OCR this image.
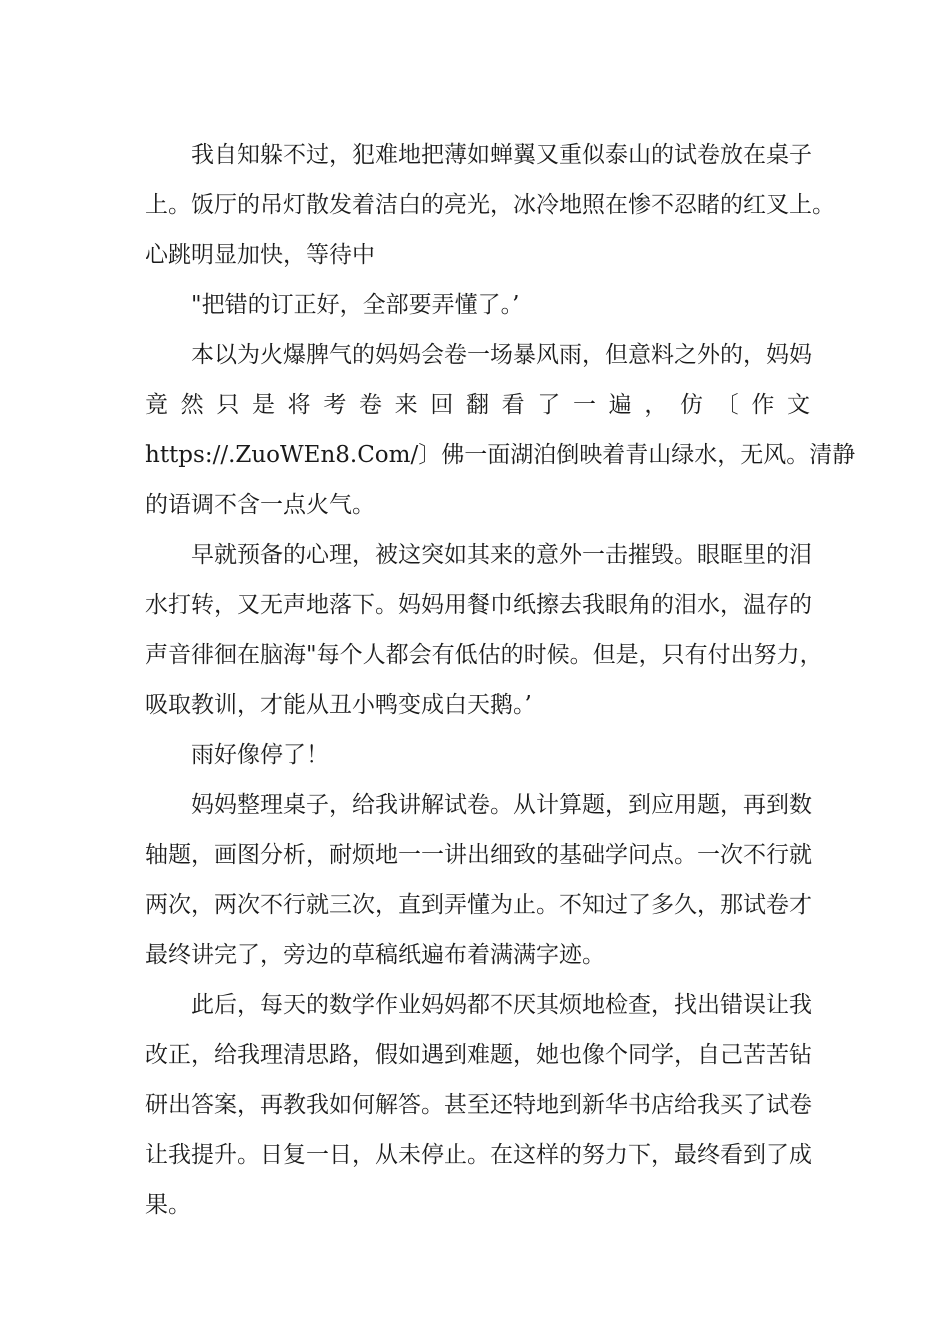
我自知躲不过，犯难地把薄如蝉翼又重似泰山的试卷放在桌子
上。饭厅的吊灯散发着洁白的亮光，冰冷地照在惨不忍睹的红叉上。
心跳明显加快，等待中
"把错的订正好，全部要弄懂了。’
本以为火爆脾气的妈妈会卷一场暴风雨，但意料之外的，妈妈
竟 然 只 是 将 考 卷 来 回 翻 看 了 一 遍 ， 仿 〔 作 文
https://.ZuoWEn8.Com/〕佛一面湖泊倒映着青山绿水，无风。清静
的语调不含一点火气。
早就预备的心理，被这突如其来的意外一击摧毁。眼眶里的泪
水打转，又无声地落下。妈妈用餐巾纸擦去我眼角的泪水，温存的
声音徘徊在脑海"每个人都会有低估的时候。但是，只有付出努力，
吸取教训，才能从丑小鸭变成白天鹅。’
雨好像停了！
妈妈整理桌子，给我讲解试卷。从计算题，到应用题，再到数
轴题，画图分析，耐烦地一一讲出细致的基础学问点。一次不行就
两次，两次不行就三次，直到弄懂为止。不知过了多久，那试卷才
最终讲完了，旁边的草稿纸遍布着满满字迹。
此后，每天的数学作业妈妈都不厌其烦地检查，找出错误让我
改正，给我理清思路，假如遇到难题，她也像个同学，自己苦苦钻
研出答案，再教我如何解答。甚至还特地到新华书店给我买了试卷
让我提升。日复一日，从未停止。在这样的努力下，最终看到了成
果。
